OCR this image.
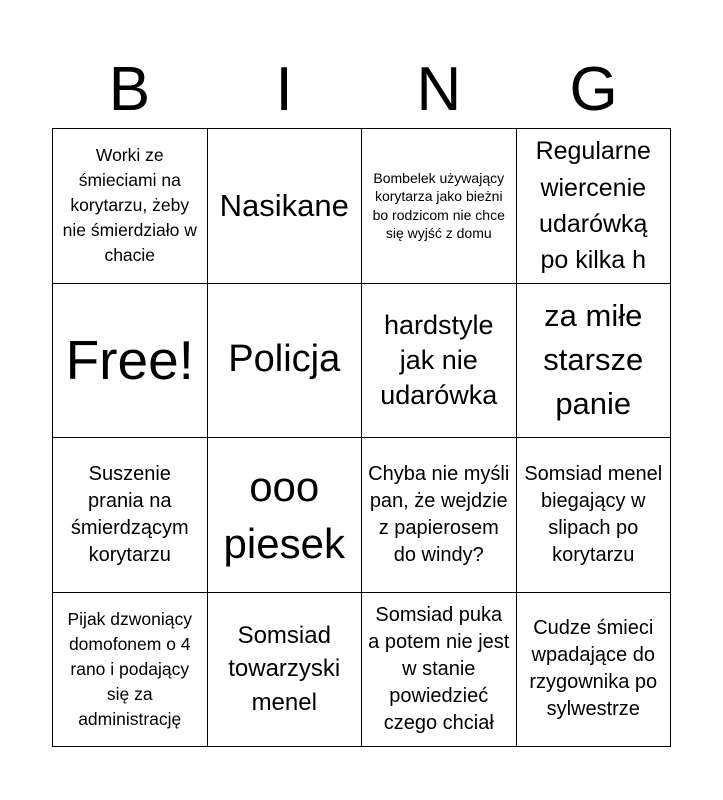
B	I	N	G
Worki ze śmieciami na korytarzu, żeby nie śmierdziało w chacie
Nasikane
Bombelek używający korytarza jako bieżni bo rodzicom nie chce się wyjść z domu
Regularne wiercenie udarówką po kilka h
Free! Policja
hardstyle jak nie udarówka
za miłe starsze panie
Suszenie prania na śmierdzącym korytarzu
ooo piesek
Chyba nie myśli pan, że wejdzie z papierosem do windy?
Somsiad menel biegający w slipach po korytarzu
Pijak dzwoniący domofonem o 4 rano i podający się za administrację
Somsiad towarzyski menel
Somsiad puka a potem nie jest w stanie powiedzieć czego chciał
Cudze śmieci wpadające do rzygownika po sylwestrze
